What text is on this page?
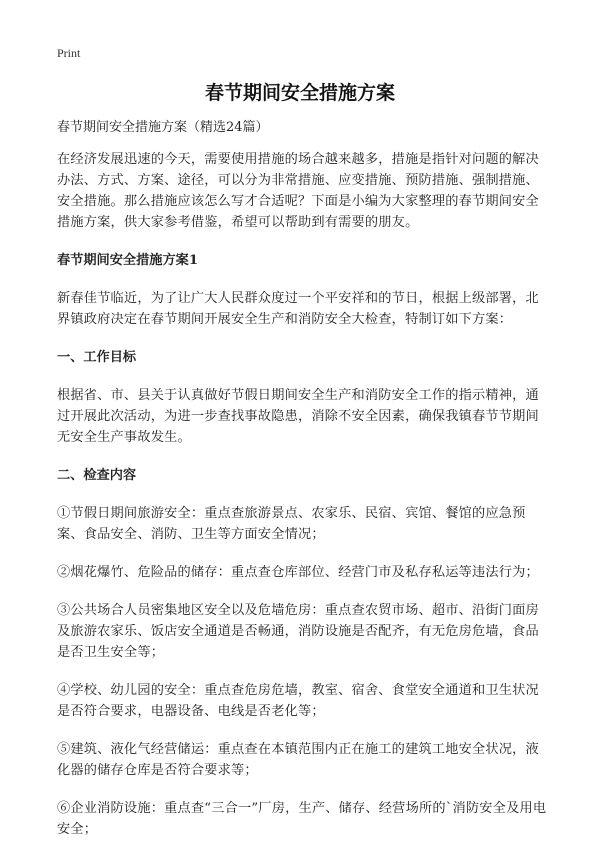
Print
春节期间安全措施方案
春节期间安全措施方案（精选24篇）

在经济发展迅速的今天，需要使用措施的场合越来越多，措施是指针对问题的解决办法、方式、方案、途径，可以分为非常措施、应变措施、预防措施、强制措施、安全措施。那么措施应该怎么写才合适呢？下面是小编为大家整理的春节期间安全措施方案，供大家参考借鉴，希望可以帮助到有需要的朋友。

春节期间安全措施方案1

新春佳节临近，为了让广大人民群众度过一个平安祥和的节日，根据上级部署，北界镇政府决定在春节期间开展安全生产和消防安全大检查，特制订如下方案：

一、工作目标

根据省、市、县关于认真做好节假日期间安全生产和消防安全工作的指示精神，通过开展此次活动，为进一步查找事故隐患，消除不安全因素，确保我镇春节节期间无安全生产事故发生。

二、检查内容

①节假日期间旅游安全：重点查旅游景点、农家乐、民宿、宾馆、餐馆的应急预案、食品安全、消防、卫生等方面安全情况；

②烟花爆竹、危险品的储存：重点查仓库部位、经营门市及私存私运等违法行为；

③公共场合人员密集地区安全以及危墙危房：重点查农贸市场、超市、沿街门面房及旅游农家乐、饭店安全通道是否畅通，消防设施是否配齐，有无危房危墙，食品是否卫生安全等；

④学校、幼儿园的安全：重点查危房危墙，教室、宿舍、食堂安全通道和卫生状况是否符合要求，电器设备、电线是否老化等；

⑤建筑、液化气经营储运：重点查在本镇范围内正在施工的建筑工地安全状况，液化器的储存仓库是否符合要求等；

⑥企业消防设施：重点查“三合一”厂房，生产、储存、经营场所的`消防安全及用电安全；
